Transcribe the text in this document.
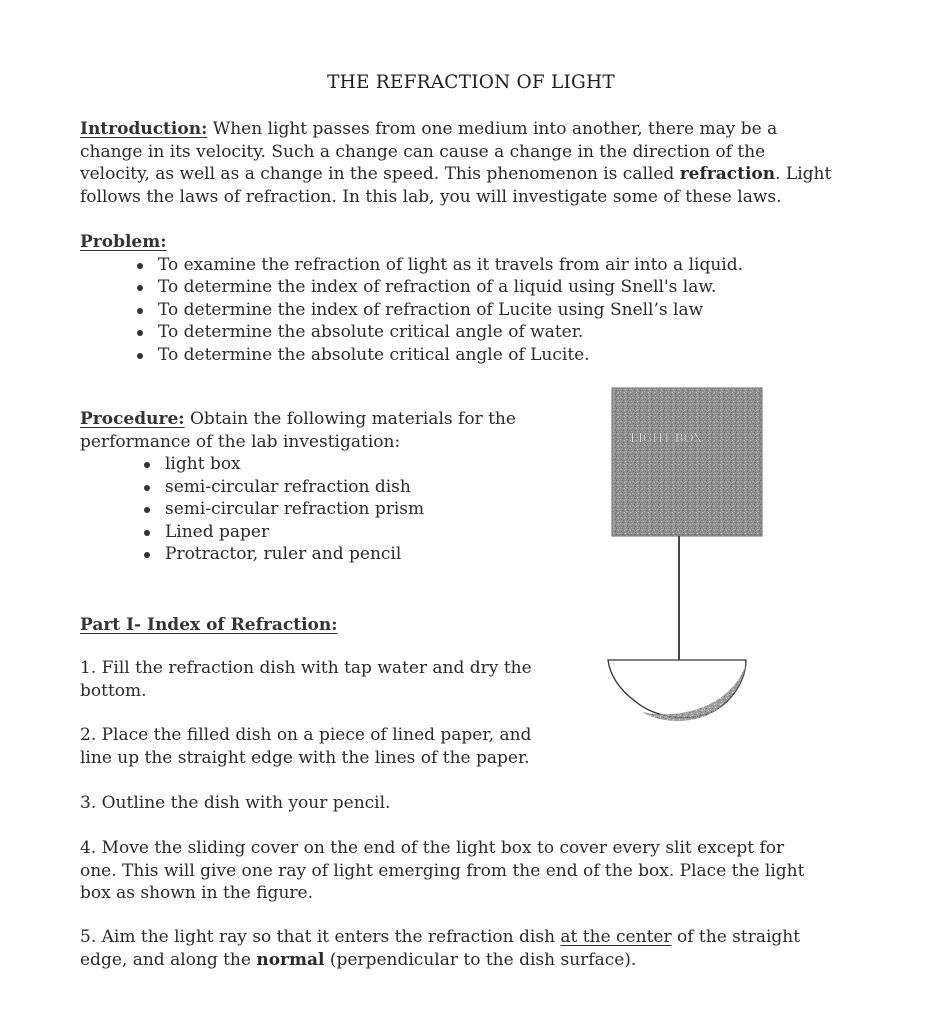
THE REFRACTION OF LIGHT
Introduction: When light passes from one medium into another, there may be a change in its velocity. Such a change can cause a change in the direction of the velocity, as well as a change in the speed. This phenomenon is called refraction. Light follows the laws of refraction. In this lab, you will investigate some of these laws.
Problem:
To examine the refraction of light as it travels from air into a liquid.
To determine the index of refraction of a liquid using Snell's law.
To determine the index of refraction of Lucite using Snell’s law
To determine the absolute critical angle of water.
To determine the absolute critical angle of Lucite.
Procedure: Obtain the following materials for the performance of the lab investigation:
light box
semi-circular refraction dish
semi-circular refraction prism
Lined paper
Protractor, ruler and pencil
Part I- Index of Refraction:
1. Fill the refraction dish with tap water and dry the bottom.
2. Place the filled dish on a piece of lined paper, and line up the straight edge with the lines of the paper.
3. Outline the dish with your pencil.
4. Move the sliding cover on the end of the light box to cover every slit except for one. This will give one ray of light emerging from the end of the box. Place the light box as shown in the figure.
5. Aim the light ray so that it enters the refraction dish at the center of the straight edge, and along the normal (perpendicular to the dish surface).
LIGHT BOX
